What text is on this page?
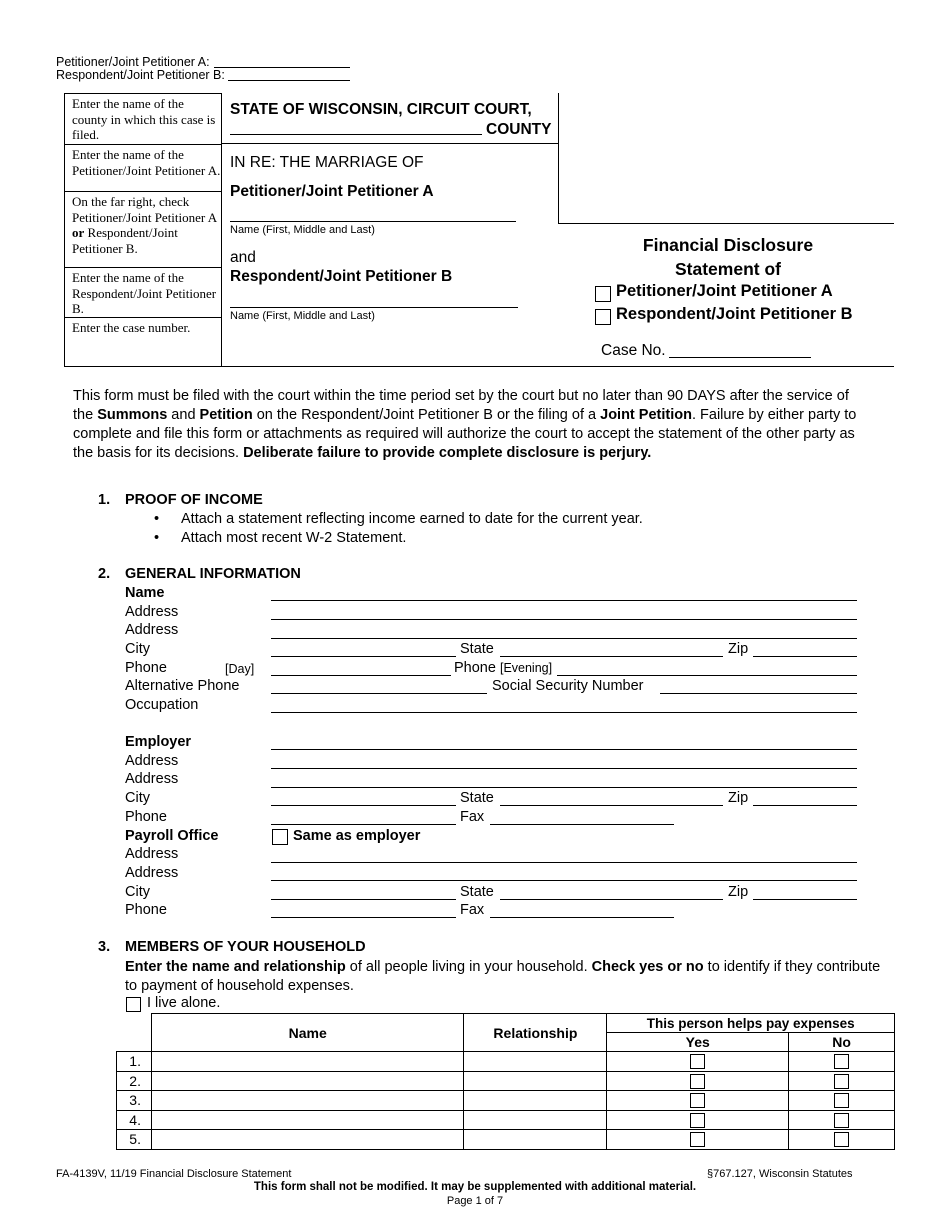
Petitioner/Joint Petitioner A:
Respondent/Joint Petitioner B:
Enter the name of the county in which this case is filed.
Enter the name of the Petitioner/Joint Petitioner A.
On the far right, check Petitioner/Joint Petitioner A or Respondent/Joint Petitioner B.
Enter the name of the Respondent/Joint Petitioner B.
Enter the case number.
STATE OF WISCONSIN, CIRCUIT COURT,
COUNTY
IN RE: THE MARRIAGE OF
Petitioner/Joint Petitioner A
Name (First, Middle and Last)
and
Respondent/Joint Petitioner B
Name (First, Middle and Last)
Financial Disclosure
Statement of
Petitioner/Joint Petitioner A
Respondent/Joint Petitioner B
Case No.
This form must be filed with the court within the time period set by the court but no later than 90 DAYS after the service of the Summons and Petition on the Respondent/Joint Petitioner B or the filing of a Joint Petition. Failure by either party to complete and file this form or attachments as required will authorize the court to accept the statement of the other party as the basis for its decisions. Deliberate failure to provide complete disclosure is perjury.
1. PROOF OF INCOME
• Attach a statement reflecting income earned to date for the current year.
• Attach most recent W-2 Statement.
2. GENERAL INFORMATION
Name
Address
Address
City	State	Zip
Phone	[Day]	Phone [Evening]
Alternative Phone	Social Security Number
Occupation
Employer
Address
Address
City	State	Zip
Phone	Fax
Payroll Office	Same as employer
Address
Address
City	State	Zip
Phone	Fax
3. MEMBERS OF YOUR HOUSEHOLD
Enter the name and relationship of all people living in your household. Check yes or no to identify if they contribute to payment of household expenses.
I live alone.
	Name	Relationship	This person helps pay expenses	
			Yes	No
1.			

2.			

3.			

4.			

5.			

FA-4139V, 11/19 Financial Disclosure Statement	§767.127, Wisconsin Statutes
This form shall not be modified. It may be supplemented with additional material.
Page 1 of 7
